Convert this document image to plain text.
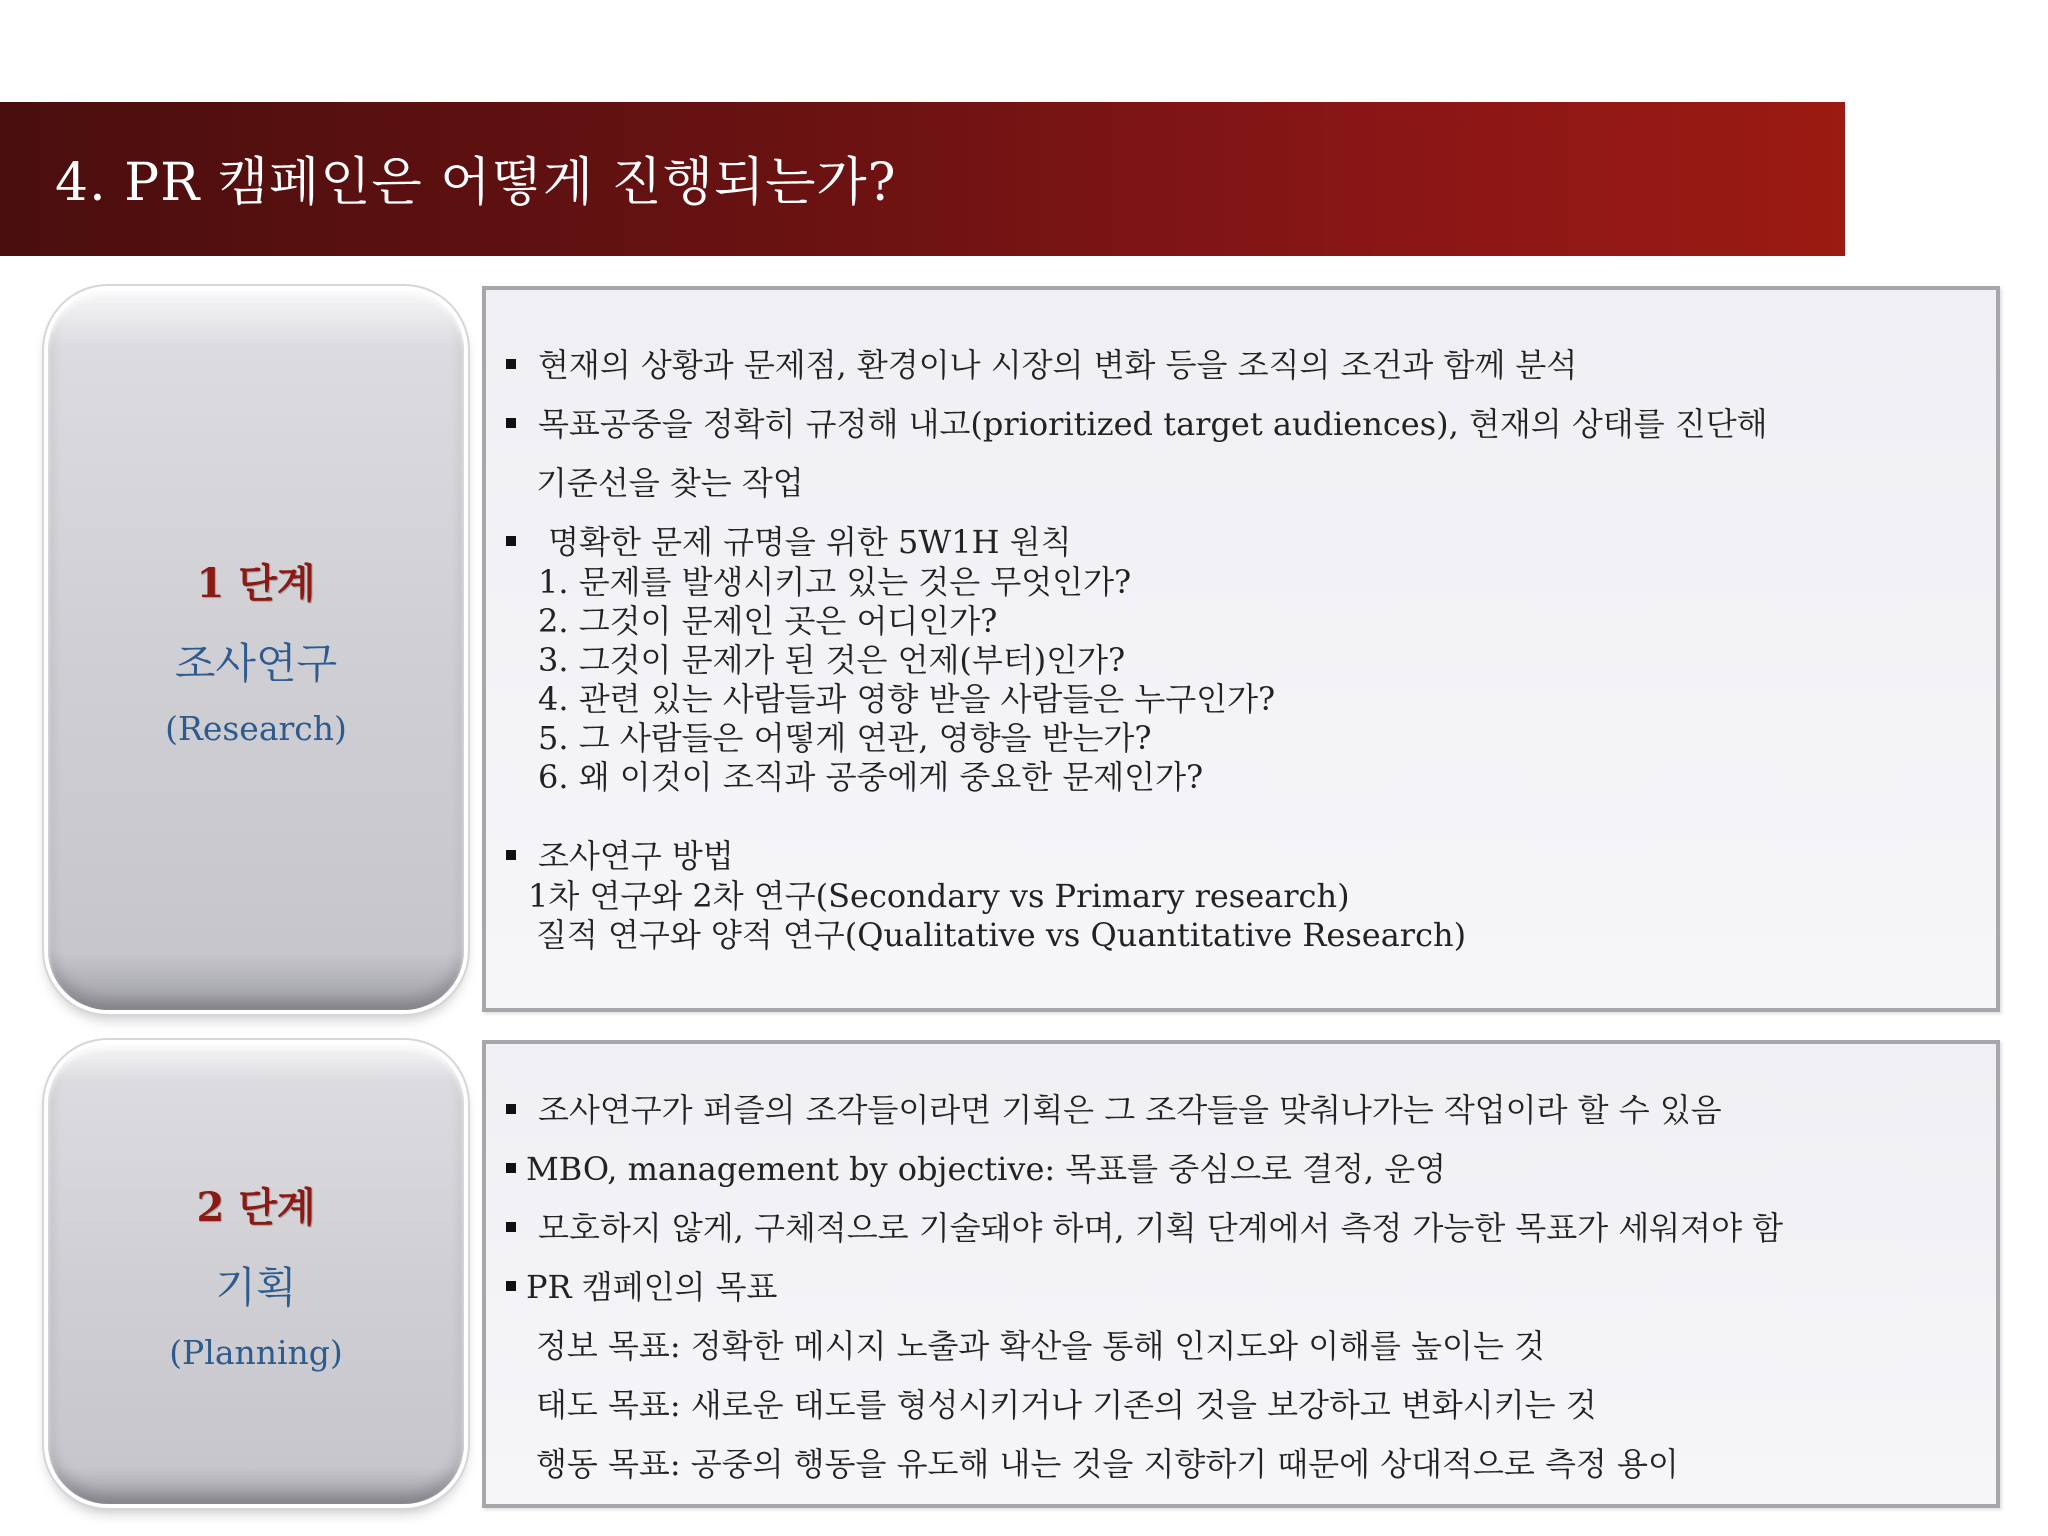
4. PR 캠페인은 어떻게 진행되는가?
1 단계
조사연구
(Research)
현재의 상황과 문제점, 환경이나 시장의 변화 등을 조직의 조건과 함께 분석
목표공중을 정확히 규정해 내고(prioritized target audiences), 현재의 상태를 진단해
기준선을 찾는 작업
명확한 문제 규명을 위한 5W1H 원칙
1. 문제를 발생시키고 있는 것은 무엇인가?
2. 그것이 문제인 곳은 어디인가?
3. 그것이 문제가 된 것은 언제(부터)인가?
4. 관련 있는 사람들과 영향 받을 사람들은 누구인가?
5. 그 사람들은 어떻게 연관, 영향을 받는가?
6. 왜 이것이 조직과 공중에게 중요한 문제인가?
조사연구 방법
1차 연구와 2차 연구(Secondary vs Primary research)
질적 연구와 양적 연구(Qualitative vs Quantitative Research)
2 단계
기획
(Planning)
조사연구가 퍼즐의 조각들이라면 기획은 그 조각들을 맞춰나가는 작업이라 할 수 있음
MBO, management by objective: 목표를 중심으로 결정, 운영
모호하지 않게, 구체적으로 기술돼야 하며, 기획 단계에서 측정 가능한 목표가 세워져야 함
PR 캠페인의 목표
정보 목표: 정확한 메시지 노출과 확산을 통해 인지도와 이해를 높이는 것
태도 목표: 새로운 태도를 형성시키거나 기존의 것을 보강하고 변화시키는 것
행동 목표: 공중의 행동을 유도해 내는 것을 지향하기 때문에 상대적으로 측정 용이
